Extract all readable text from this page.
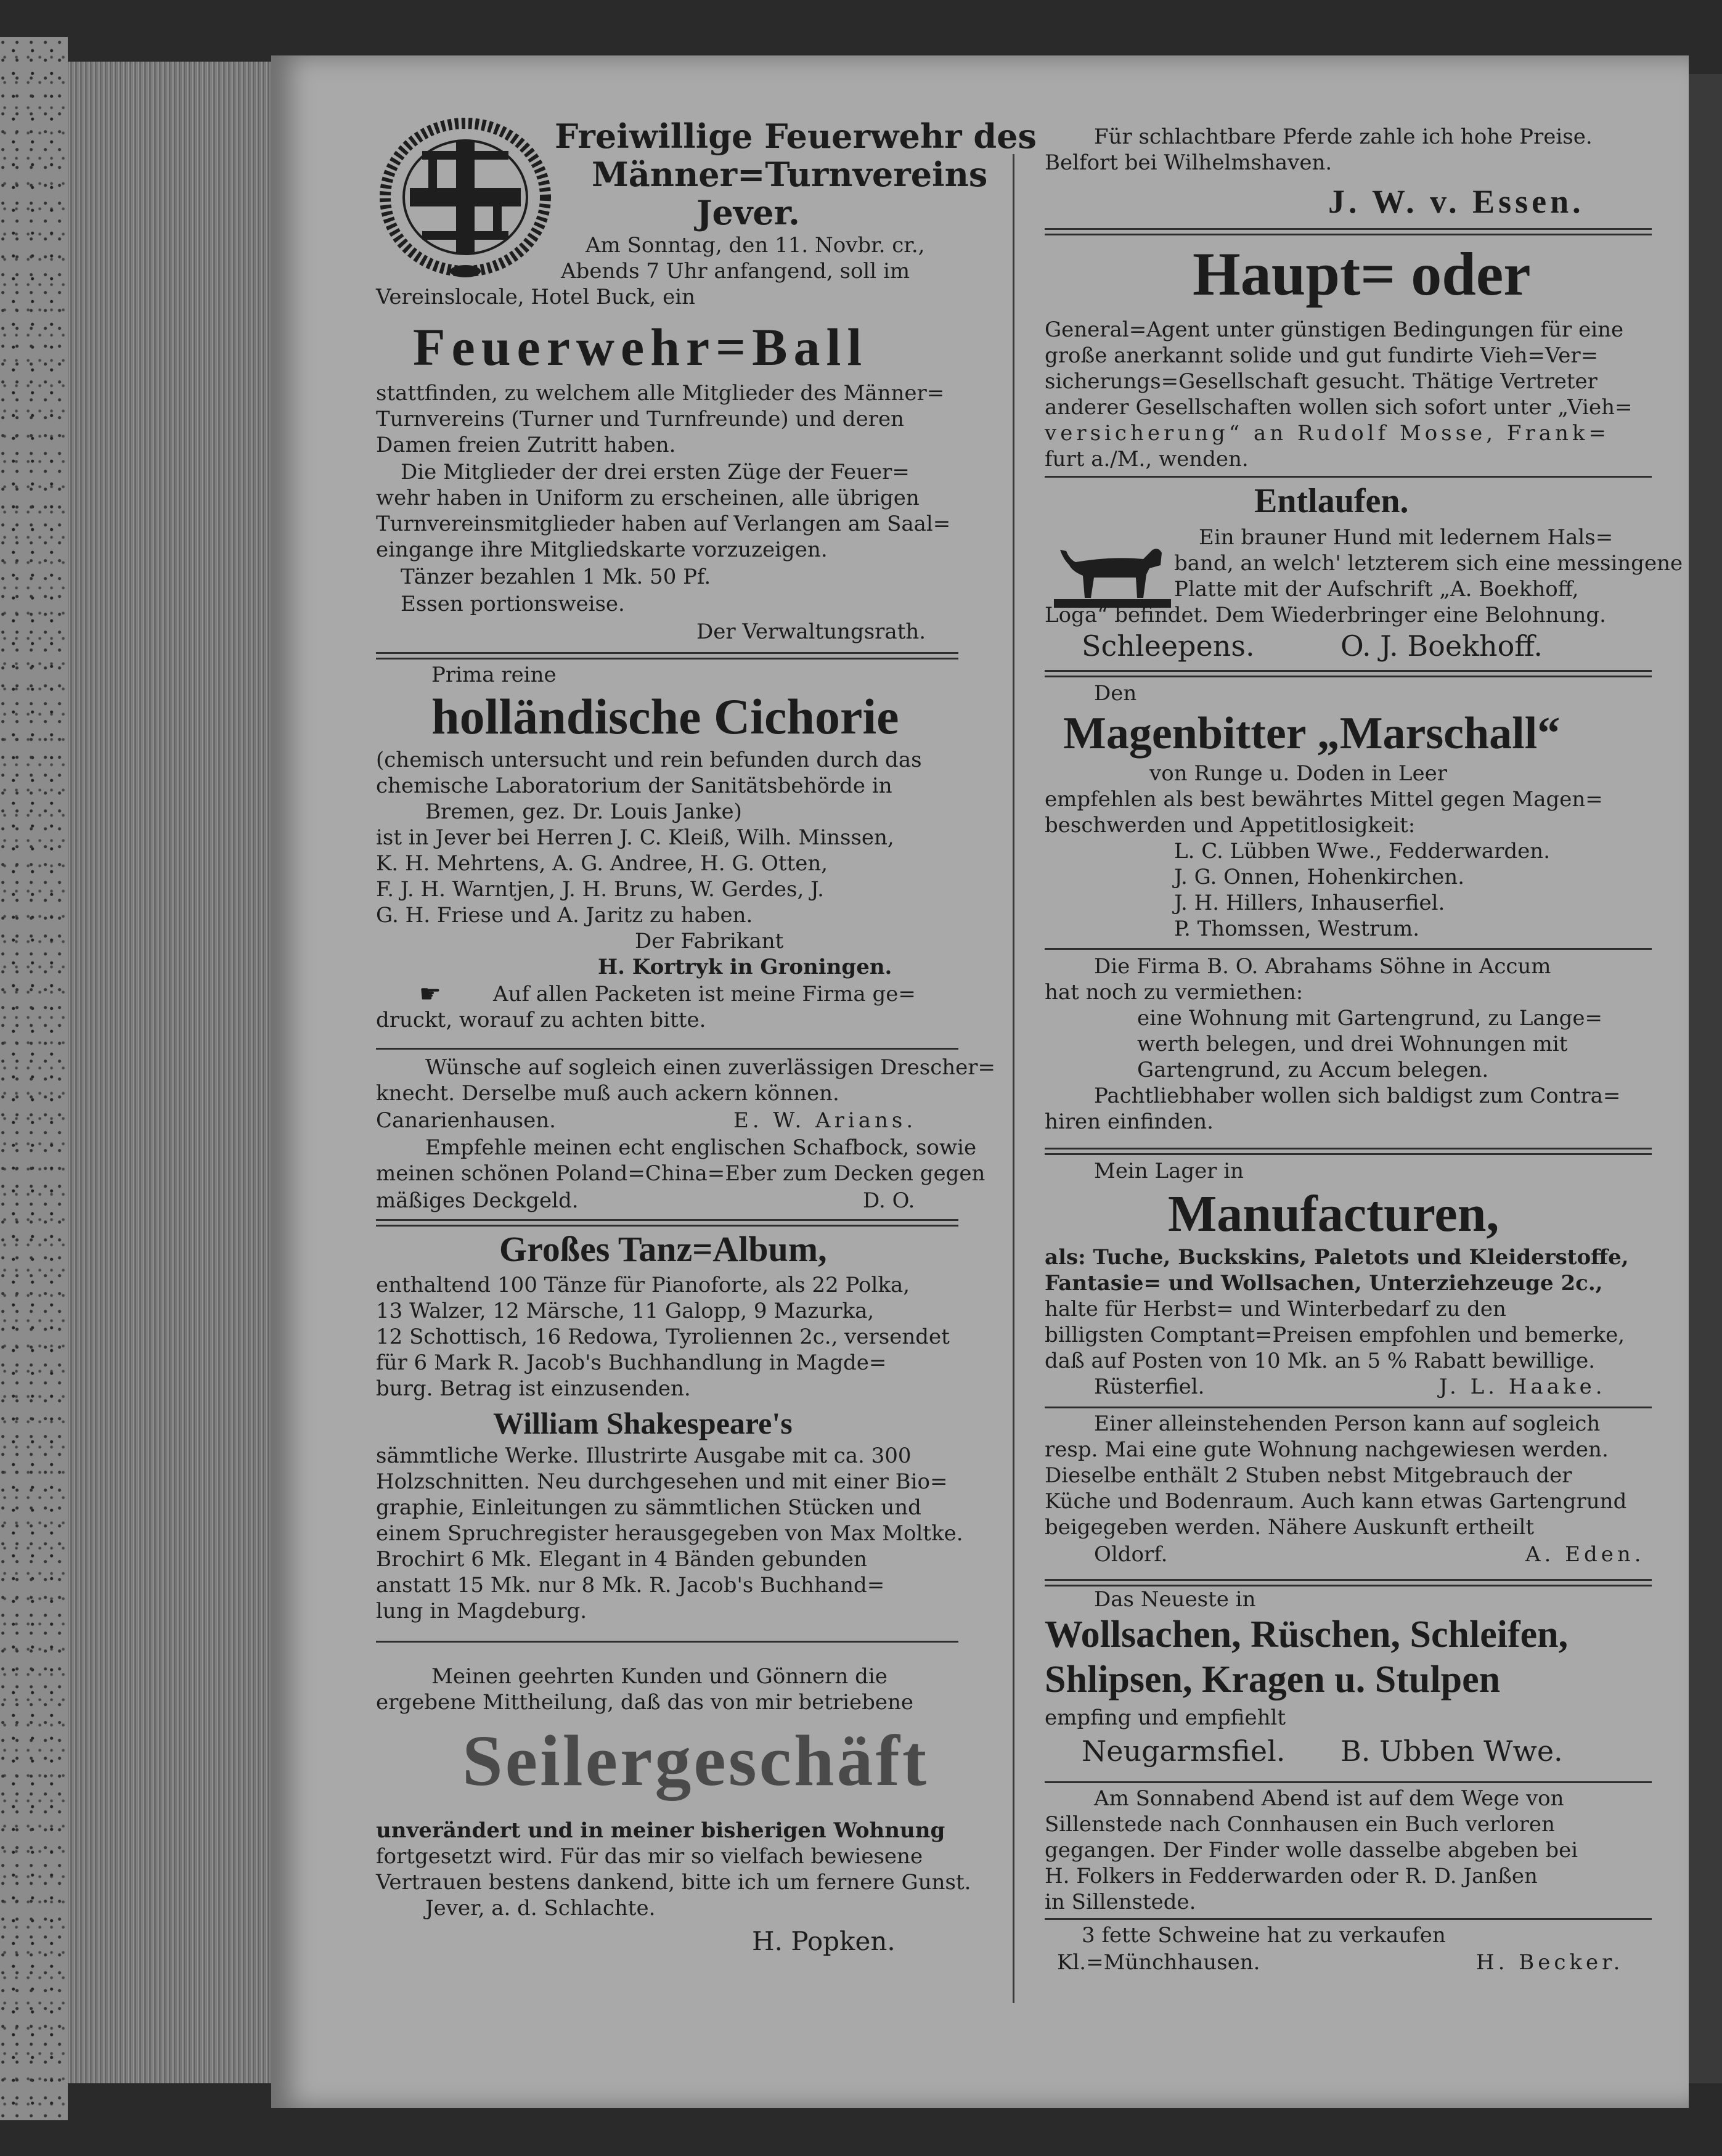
Freiwillige Feuerwehr des
Männer=Turnvereins
Jever.
Am Sonntag, den 11. Novbr. cr.,
Abends 7 Uhr anfangend, soll im
Vereinslocale, Hotel Buck, ein
Feuerwehr=Ball
stattfinden, zu welchem alle Mitglieder des Männer=
Turnvereins (Turner und Turnfreunde) und deren
Damen freien Zutritt haben.
Die Mitglieder der drei ersten Züge der Feuer=
wehr haben in Uniform zu erscheinen, alle übrigen
Turnvereinsmitglieder haben auf Verlangen am Saal=
eingange ihre Mitgliedskarte vorzuzeigen.
Tänzer bezahlen 1 Mk. 50 Pf.
Essen portionsweise.
Der Verwaltungsrath.
Prima reine
holländische Cichorie
(chemisch untersucht und rein befunden durch das
chemische Laboratorium der Sanitätsbehörde in
Bremen, gez. Dr. Louis Janke)
ist in Jever bei Herren J. C. Kleiß, Wilh. Minssen,
K. H. Mehrtens, A. G. Andree, H. G. Otten,
F. J. H. Warntjen, J. H. Bruns, W. Gerdes, J.
G. H. Friese und A. Jaritz zu haben.
Der Fabrikant
H. Kortryk in Groningen.
☛ Auf allen Packeten ist meine Firma ge=
druckt, worauf zu achten bitte.
Wünsche auf sogleich einen zuverlässigen Drescher=
knecht. Derselbe muß auch ackern können.
Canarienhausen.	E. W. Arians.
Empfehle meinen echt englischen Schafbock, sowie
meinen schönen Poland=China=Eber zum Decken gegen
mäßiges Deckgeld.	D. O.
Großes Tanz=Album,
enthaltend 100 Tänze für Pianoforte, als 22 Polka,
13 Walzer, 12 Märsche, 11 Galopp, 9 Mazurka,
12 Schottisch, 16 Redowa, Tyroliennen 2c., versendet
für 6 Mark R. Jacob's Buchhandlung in Magde=
burg. Betrag ist einzusenden.
William Shakespeare's
sämmtliche Werke. Illustrirte Ausgabe mit ca. 300
Holzschnitten. Neu durchgesehen und mit einer Bio=
graphie, Einleitungen zu sämmtlichen Stücken und
einem Spruchregister herausgegeben von Max Moltke.
Brochirt 6 Mk. Elegant in 4 Bänden gebunden
anstatt 15 Mk. nur 8 Mk. R. Jacob's Buchhand=
lung in Magdeburg.
Meinen geehrten Kunden und Gönnern die
ergebene Mittheilung, daß das von mir betriebene
Seilergeschäft
unverändert und in meiner bisherigen Wohnung
fortgesetzt wird. Für das mir so vielfach bewiesene
Vertrauen bestens dankend, bitte ich um fernere Gunst.
Jever, a. d. Schlachte.
H. Popken.
Für schlachtbare Pferde zahle ich hohe Preise.
Belfort bei Wilhelmshaven.
J. W. v. Essen.
Haupt= oder
General=Agent unter günstigen Bedingungen für eine
große anerkannt solide und gut fundirte Vieh=Ver=
sicherungs=Gesellschaft gesucht. Thätige Vertreter
anderer Gesellschaften wollen sich sofort unter „Vieh=
versicherung“ an Rudolf Mosse, Frank=
furt a./M., wenden.
Entlaufen.
Ein brauner Hund mit ledernem Hals=
band, an welch' letzterem sich eine messingene
Platte mit der Aufschrift „A. Boekhoff,
Loga“ befindet. Dem Wiederbringer eine Belohnung.
Schleepens.	O. J. Boekhoff.
Den
Magenbitter „Marschall“
von Runge u. Doden in Leer
empfehlen als best bewährtes Mittel gegen Magen=
beschwerden und Appetitlosigkeit:
L. C. Lübben Wwe., Fedderwarden.
J. G. Onnen, Hohenkirchen.
J. H. Hillers, Inhauserfiel.
P. Thomssen, Westrum.
Die Firma B. O. Abrahams Söhne in Accum
hat noch zu vermiethen:
eine Wohnung mit Gartengrund, zu Lange=
werth belegen, und drei Wohnungen mit
Gartengrund, zu Accum belegen.
Pachtliebhaber wollen sich baldigst zum Contra=
hiren einfinden.
Mein Lager in
Manufacturen,
als: Tuche, Buckskins, Paletots und Kleiderstoffe,
Fantasie= und Wollsachen, Unterziehzeuge 2c.,
halte für Herbst= und Winterbedarf zu den
billigsten Comptant=Preisen empfohlen und bemerke,
daß auf Posten von 10 Mk. an 5 % Rabatt bewillige.
Rüsterfiel.	J. L. Haake.
Einer alleinstehenden Person kann auf sogleich
resp. Mai eine gute Wohnung nachgewiesen werden.
Dieselbe enthält 2 Stuben nebst Mitgebrauch der
Küche und Bodenraum. Auch kann etwas Gartengrund
beigegeben werden. Nähere Auskunft ertheilt
Oldorf.	A. Eden.
Das Neueste in
Wollsachen, Rüschen, Schleifen,
Shlipsen, Kragen u. Stulpen
empfing und empfiehlt
Neugarmsfiel. B. Ubben Wwe.
Am Sonnabend Abend ist auf dem Wege von
Sillenstede nach Connhausen ein Buch verloren
gegangen. Der Finder wolle dasselbe abgeben bei
H. Folkers in Fedderwarden oder R. D. Janßen
in Sillenstede.
3 fette Schweine hat zu verkaufen
Kl.=Münchhausen.	H. Becker.
